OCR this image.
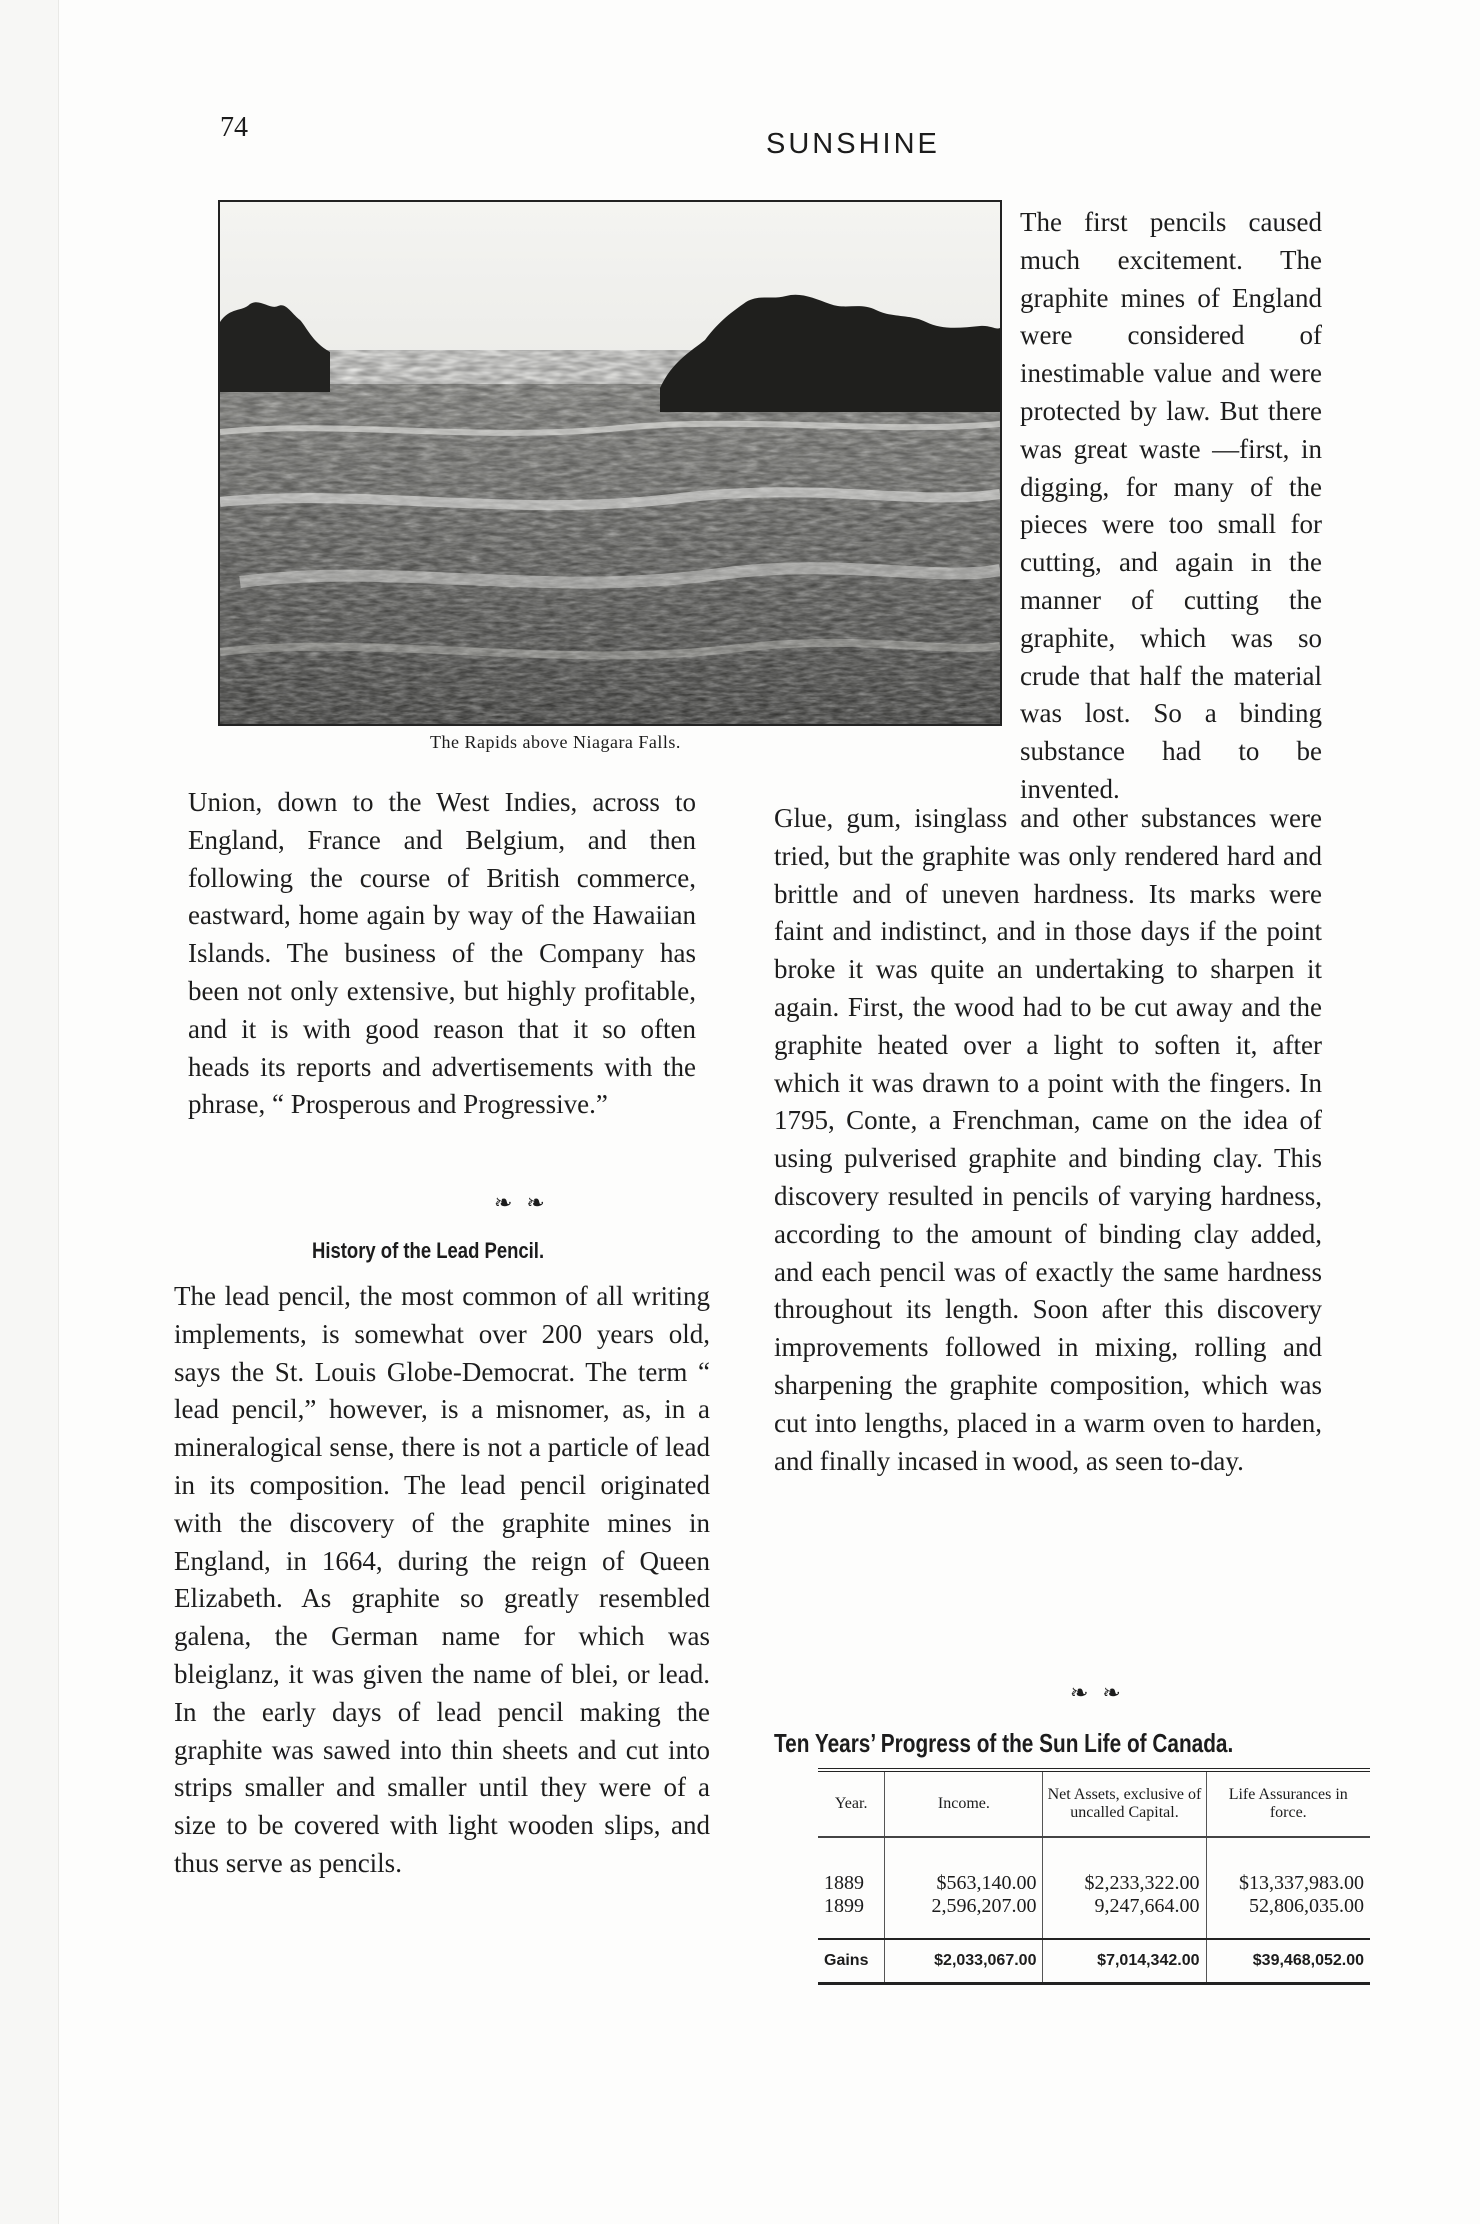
74

SUNSHINE

The Rapids above Niagara Falls.

The first pencils caused much excitement. The graphite mines of England were considered of inestimable value and were protected by law. But there was great waste —first, in digging, for many of the pieces were too small for cutting, and again in the manner of cutting the graphite, which was so crude that half the material was lost. So a binding substance had to be invented.

Union, down to the West Indies, across to England, France and Belgium, and then following the course of British commerce, eastward, home again by way of the Hawaiian Islands. The business of the Company has been not only extensive, but highly profitable, and it is with good reason that it so often heads its reports and advertisements with the phrase, “ Prosperous and Progressive.”

Glue, gum, isinglass and other substances were tried, but the graphite was only rendered hard and brittle and of uneven hardness. Its marks were faint and indistinct, and in those days if the point broke it was quite an undertaking to sharpen it again. First, the wood had to be cut away and the graphite heated over a light to soften it, after which it was drawn to a point with the fingers. In 1795, Conte, a Frenchman, came on the idea of using pulverised graphite and binding clay. This discovery resulted in pencils of varying hardness, according to the amount of binding clay added, and each pencil was of exactly the same hardness throughout its length. Soon after this discovery improvements followed in mixing, rolling and sharpening the graphite composition, which was cut into lengths, placed in a warm oven to harden, and finally incased in wood, as seen to-day.

❧❧

History of the Lead Pencil.

The lead pencil, the most common of all writing implements, is somewhat over 200 years old, says the St. Louis Globe-Democrat. The term “ lead pencil,” however, is a misnomer, as, in a mineralogical sense, there is not a particle of lead in its composition. The lead pencil originated with the discovery of the graphite mines in England, in 1664, during the reign of Queen Elizabeth. As graphite so greatly resembled galena, the German name for which was bleiglanz, it was given the name of blei, or lead. In the early days of lead pencil making the graphite was sawed into thin sheets and cut into strips smaller and smaller until they were of a size to be covered with light wooden slips, and thus serve as pencils.

❧❧

Ten Years’ Progress of the Sun Life of Canada.
Year.	Income.	Net Assets, exclusive of uncalled Capital.	Life Assurances in force.
1889	$563,140.00	$2,233,322.00	$13,337,983.00
1899	2,596,207.00	9,247,664.00	52,806,035.00
Gains	$2,033,067.00	$7,014,342.00	$39,468,052.00
